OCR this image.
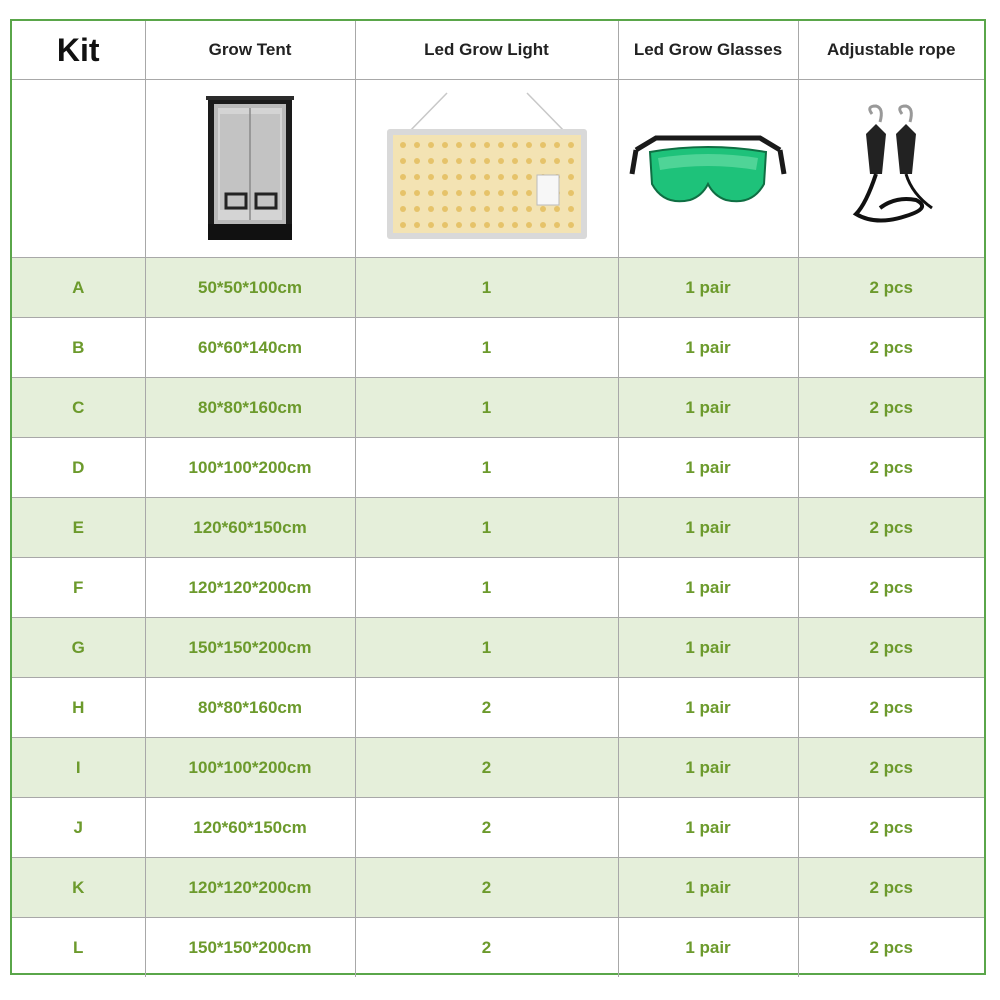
Kit	Grow Tent	Led Grow Light	Led Grow Glasses	Adjustable rope

A	50*50*100cm	1	1 pair	2 pcs
B	60*60*140cm	1	1 pair	2 pcs
C	80*80*160cm	1	1 pair	2 pcs
D	100*100*200cm	1	1 pair	2 pcs
E	120*60*150cm	1	1 pair	2 pcs
F	120*120*200cm	1	1 pair	2 pcs
G	150*150*200cm	1	1 pair	2 pcs
H	80*80*160cm	2	1 pair	2 pcs
I	100*100*200cm	2	1 pair	2 pcs
J	120*60*150cm	2	1 pair	2 pcs
K	120*120*200cm	2	1 pair	2 pcs
L	150*150*200cm	2	1 pair	2 pcs
